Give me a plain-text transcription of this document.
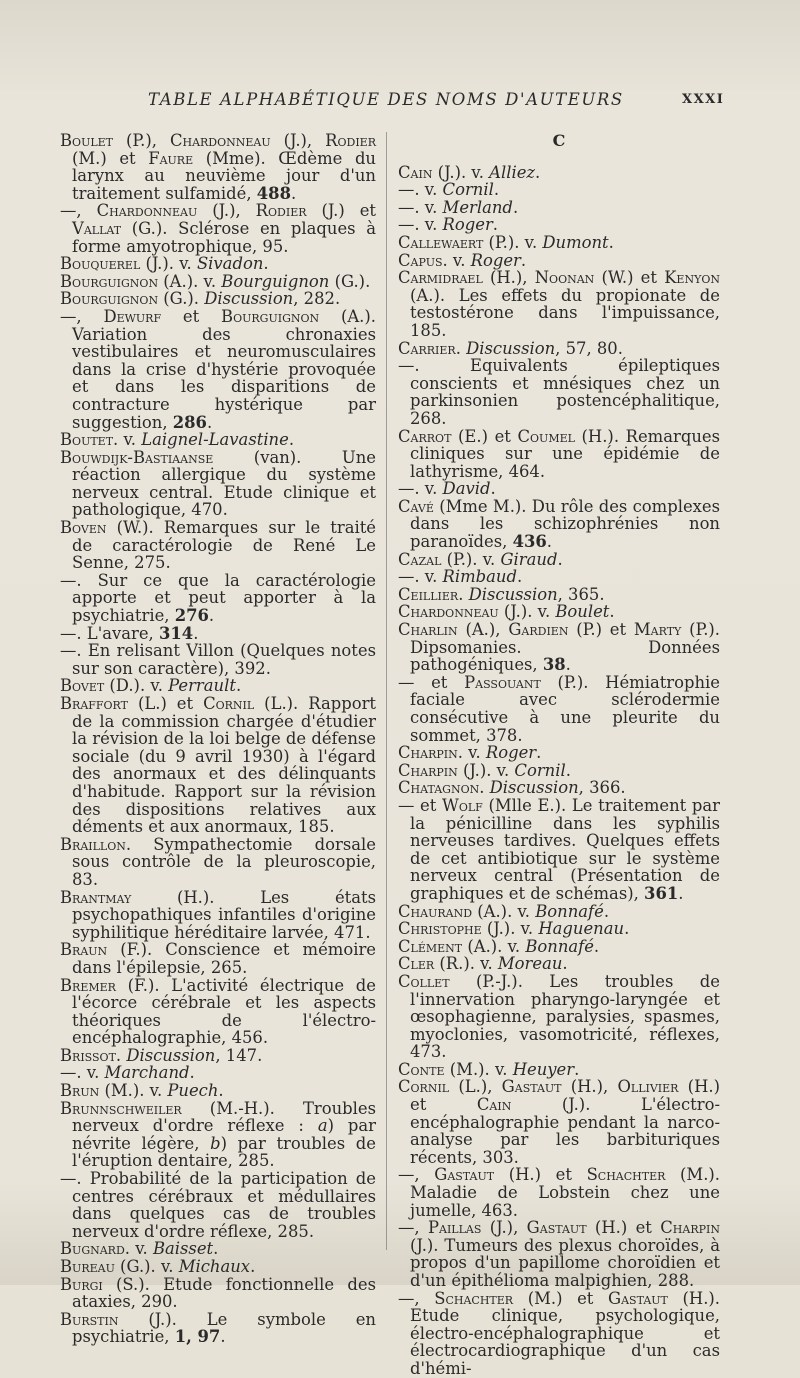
TABLE ALPHABÉTIQUE DES NOMS D'AUTEURS	XXXI

Boulet (P.), Chardonneau (J.), Rodier (M.) et Faure (Mme). Œdème du larynx au neuvième jour d'un traitement sulfamidé, 488.

—, Chardonneau (J.), Rodier (J.) et Vallat (G.). Sclérose en plaques à forme amyotrophique, 95.

Bouquerel (J.). v. Sivadon.

Bourguignon (A.). v. Bourguignon (G.).

Bourguignon (G.). Discussion, 282.

—, Dewurf et Bourguignon (A.). Variation des chronaxies vestibulaires et neuromusculaires dans la crise d'hystérie provoquée et dans les disparitions de contracture hystérique par suggestion, 286.

Boutet. v. Laignel-Lavastine.

Bouwdijk-Bastiaanse (van). Une réaction allergique du système nerveux central. Etude clinique et pathologique, 470.

Boven (W.). Remarques sur le traité de caractérologie de René Le Senne, 275.

—. Sur ce que la caractérologie apporte et peut apporter à la psychiatrie, 276.

—. L'avare, 314.

—. En relisant Villon (Quelques notes sur son caractère), 392.

Bovet (D.). v. Perrault.

Braffort (L.) et Cornil (L.). Rapport de la commission chargée d'étudier la révision de la loi belge de défense sociale (du 9 avril 1930) à l'égard des anormaux et des délinquants d'habitude. Rapport sur la révision des dispositions relatives aux déments et aux anormaux, 185.

Braillon. Sympathectomie dorsale sous contrôle de la pleuroscopie, 83.

Brantmay (H.). Les états psychopathiques infantiles d'origine syphilitique héréditaire larvée, 471.

Braun (F.). Conscience et mémoire dans l'épilepsie, 265.

Bremer (F.). L'activité électrique de l'écorce cérébrale et les aspects théoriques de l'électro-encéphalographie, 456.

Brissot. Discussion, 147.

—. v. Marchand.

Brun (M.). v. Puech.

Brunnschweiler (M.-H.). Troubles nerveux d'ordre réflexe : a) par névrite légère, b) par troubles de l'éruption dentaire, 285.

—. Probabilité de la participation de centres cérébraux et médullaires dans quelques cas de troubles nerveux d'ordre réflexe, 285.

Bugnard. v. Baisset.

Bureau (G.). v. Michaux.

Burgi (S.). Etude fonctionnelle des ataxies, 290.

Burstin (J.). Le symbole en psychiatrie, 1, 97.

C

Cain (J.). v. Alliez.

—. v. Cornil.

—. v. Merland.

—. v. Roger.

Callewaert (P.). v. Dumont.

Capus. v. Roger.

Carmidrael (H.), Noonan (W.) et Kenyon (A.). Les effets du propionate de testostérone dans l'impuissance, 185.

Carrier. Discussion, 57, 80.

—. Equivalents épileptiques conscients et mnésiques chez un parkinsonien postencéphalitique, 268.

Carrot (E.) et Coumel (H.). Remarques cliniques sur une épidémie de lathyrisme, 464.

—. v. David.

Cavé (Mme M.). Du rôle des complexes dans les schizophrénies non paranoïdes, 436.

Cazal (P.). v. Giraud.

—. v. Rimbaud.

Ceillier. Discussion, 365.

Chardonneau (J.). v. Boulet.

Charlin (A.), Gardien (P.) et Marty (P.). Dipsomanies. Données pathogéniques, 38.

— et Passouant (P.). Hémiatrophie faciale avec sclérodermie consécutive à une pleurite du sommet, 378.

Charpin. v. Roger.

Charpin (J.). v. Cornil.

Chatagnon. Discussion, 366.

— et Wolf (Mlle E.). Le traitement par la pénicilline dans les syphilis nerveuses tardives. Quelques effets de cet antibiotique sur le système nerveux central (Présentation de graphiques et de schémas), 361.

Chaurand (A.). v. Bonnafé.

Christophe (J.). v. Haguenau.

Clément (A.). v. Bonnafé.

Cler (R.). v. Moreau.

Collet (P.-J.). Les troubles de l'innervation pharyngo-laryngée et œsophagienne, paralysies, spasmes, myoclonies, vasomotricité, réflexes, 473.

Conte (M.). v. Heuyer.

Cornil (L.), Gastaut (H.), Ollivier (H.) et Cain (J.). L'électro-encéphalographie pendant la narco-analyse par les barbituriques récents, 303.

—, Gastaut (H.) et Schachter (M.). Maladie de Lobstein chez une jumelle, 463.

—, Paillas (J.), Gastaut (H.) et Charpin (J.). Tumeurs des plexus choroïdes, à propos d'un papillome choroïdien et d'un épithélioma malpighien, 288.

—, Schachter (M.) et Gastaut (H.). Etude clinique, psychologique, électro-encéphalographique et électrocardiographique d'un cas d'hémi-
